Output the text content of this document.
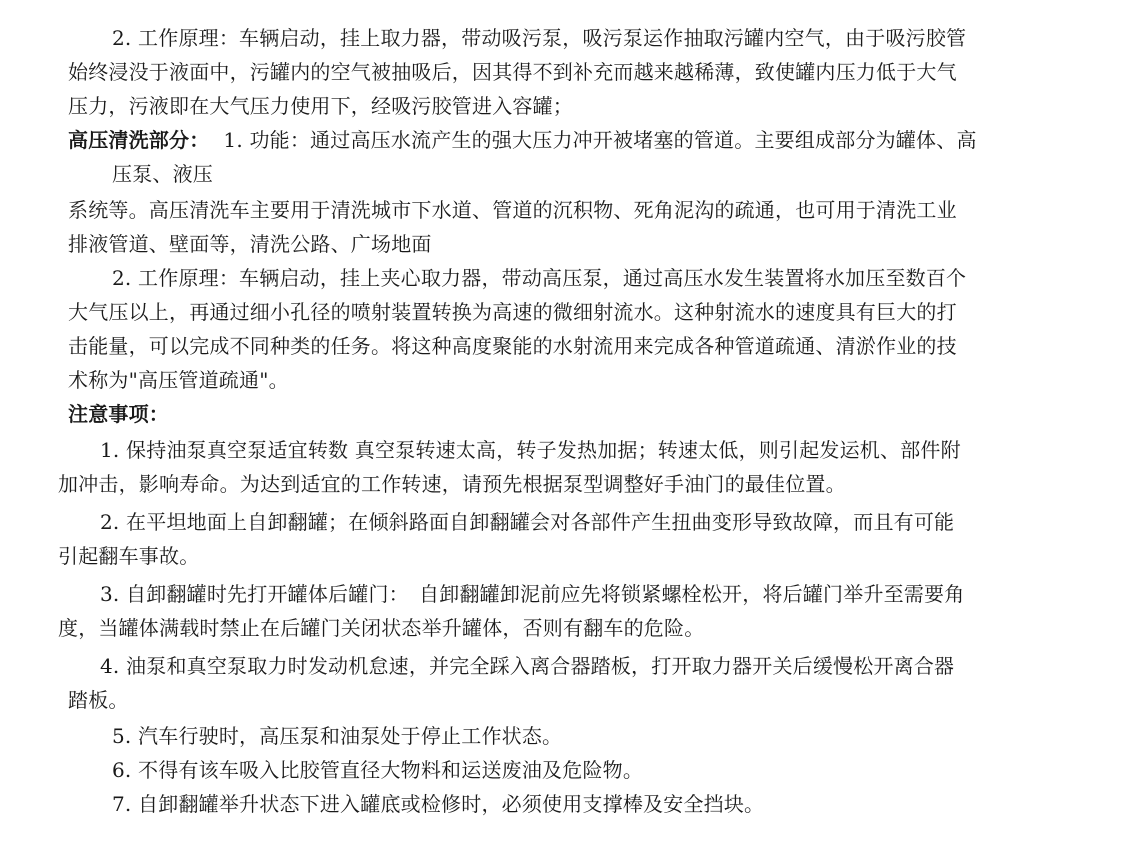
2. 工作原理：车辆启动，挂上取力器，带动吸污泵，吸污泵运作抽取污罐内空气，由于吸污胶管
始终浸没于液面中，污罐内的空气被抽吸后，因其得不到补充而越来越稀薄，致使罐内压力低于大气
压力，污液即在大气压力使用下，经吸污胶管进入容罐；
高压清洗部分： 1. 功能：通过高压水流产生的强大压力冲开被堵塞的管道。主要组成部分为罐体、高
压泵、液压
系统等。高压清洗车主要用于清洗城市下水道、管道的沉积物、死角泥沟的疏通，也可用于清洗工业
排液管道、壁面等，清洗公路、广场地面
2. 工作原理：车辆启动，挂上夹心取力器，带动高压泵，通过高压水发生装置将水加压至数百个
大气压以上，再通过细小孔径的喷射装置转换为高速的微细射流水。这种射流水的速度具有巨大的打
击能量，可以完成不同种类的任务。将这种高度聚能的水射流用来完成各种管道疏通、清淤作业的技
术称为"高压管道疏通"。
注意事项：
1. 保持油泵真空泵适宜转数 真空泵转速太高，转子发热加据；转速太低，则引起发运机、部件附
加冲击，影响寿命。为达到适宜的工作转速，请预先根据泵型调整好手油门的最佳位置。
2. 在平坦地面上自卸翻罐；在倾斜路面自卸翻罐会对各部件产生扭曲变形导致故障，而且有可能
引起翻车事故。
3. 自卸翻罐时先打开罐体后罐门：　自卸翻罐卸泥前应先将锁紧螺栓松开，将后罐门举升至需要角
度，当罐体满载时禁止在后罐门关闭状态举升罐体，否则有翻车的危险。
4. 油泵和真空泵取力时发动机怠速，并完全踩入离合器踏板，打开取力器开关后缓慢松开离合器
踏板。
5. 汽车行驶时，高压泵和油泵处于停止工作状态。
6. 不得有该车吸入比胶管直径大物料和运送废油及危险物。
7. 自卸翻罐举升状态下进入罐底或检修时，必须使用支撑棒及安全挡块。
